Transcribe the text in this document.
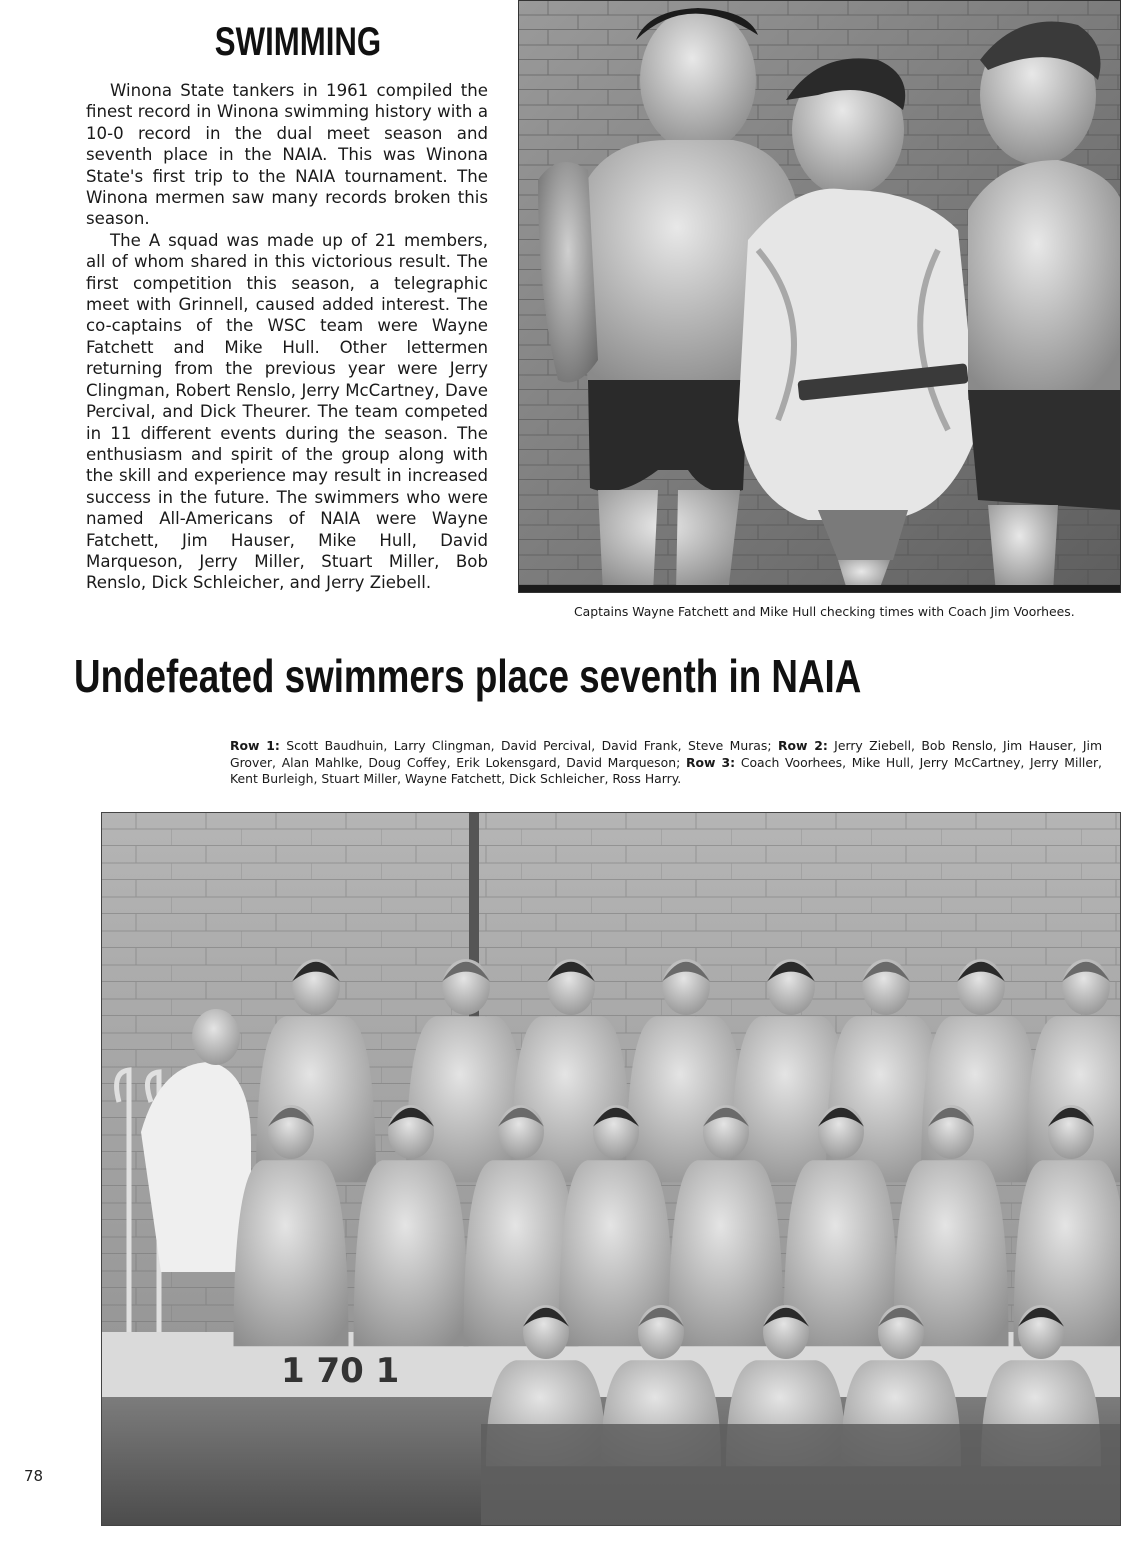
SWIMMING

Winona State tankers in 1961 compiled the finest record in Winona swimming history with a 10-0 record in the dual meet season and seventh place in the NAIA. This was Winona State's first trip to the NAIA tournament. The Winona mermen saw many records broken this season.

The A squad was made up of 21 members, all of whom shared in this victorious result. The first competition this season, a telegraphic meet with Grinnell, caused added interest. The co-captains of the WSC team were Wayne Fatchett and Mike Hull. Other lettermen returning from the previous year were Jerry Clingman, Robert Renslo, Jerry McCartney, Dave Percival, and Dick Theurer. The team competed in 11 different events during the season. The enthusiasm and spirit of the group along with the skill and experience may result in increased success in the future. The swimmers who were named All-Americans of NAIA were Wayne Fatchett, Jim Hauser, Mike Hull, David Marqueson, Jerry Miller, Stuart Miller, Bob Renslo, Dick Schleicher, and Jerry Ziebell.

Captains Wayne Fatchett and Mike Hull checking times with Coach Jim Voorhees.
Undefeated swimmers place seventh in NAIA
Row 1: Scott Baudhuin, Larry Clingman, David Percival, David Frank, Steve Muras; Row 2: Jerry Ziebell, Bob Renslo, Jim Hauser, Jim Grover, Alan Mahlke, Doug Coffey, Erik Lokensgard, David Marqueson; Row 3: Coach Voorhees, Mike Hull, Jerry McCartney, Jerry Miller, Kent Burleigh, Stuart Miller, Wayne Fatchett, Dick Schleicher, Ross Harry.
1 70 1
78
